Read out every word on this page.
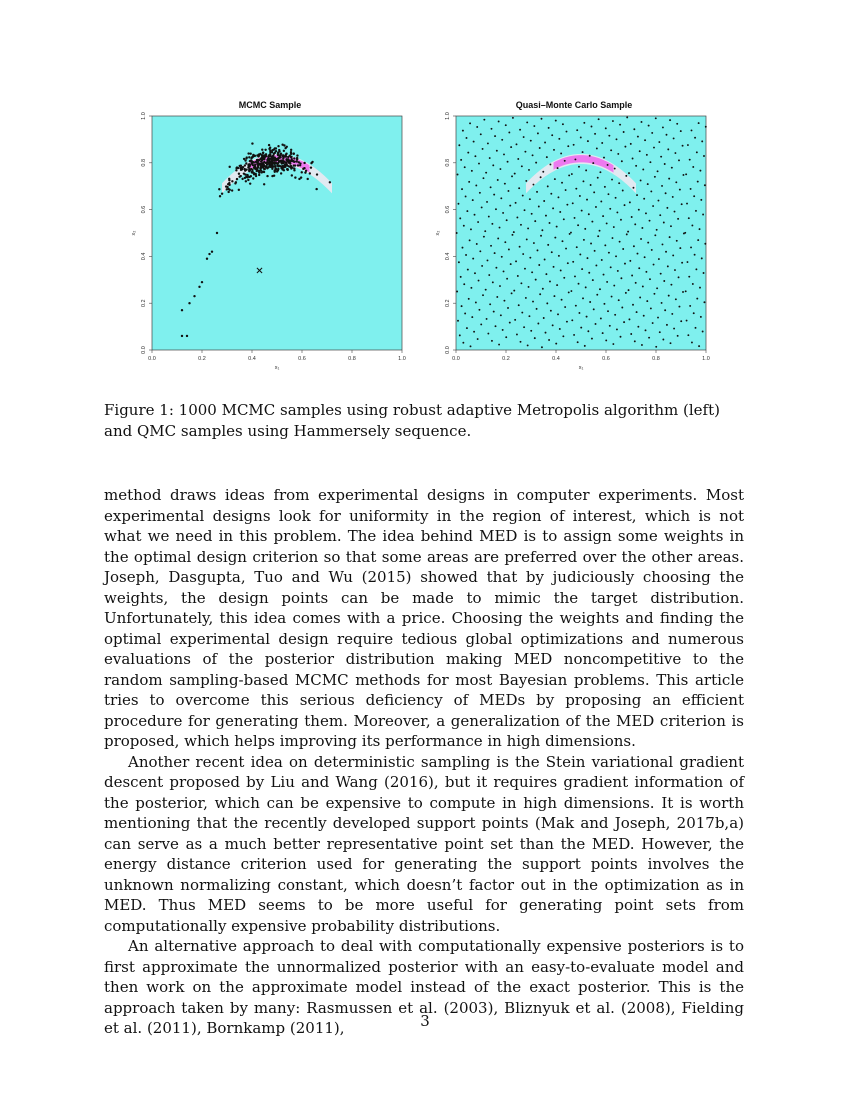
MCMC Sample
0.0	0.2	0.4	0.6	0.8	1.0
0.0
0.2
0.4
0.6
0.8
1.0
x₁
x₂
Quasi–Monte Carlo Sample
0.0	0.2	0.4	0.6	0.8	1.0
0.0
0.2
0.4
0.6
0.8
1.0
x₁
x₂
Figure 1: 1000 MCMC samples using robust adaptive Metropolis algorithm (left) and QMC samples using Hammersely sequence.

method draws ideas from experimental designs in computer experiments. Most experimental designs look for uniformity in the region of interest, which is not what we need in this problem. The idea behind MED is to assign some weights in the optimal design criterion so that some areas are preferred over the other areas. Joseph, Dasgupta, Tuo and Wu (2015) showed that by judiciously choosing the weights, the design points can be made to mimic the target distribution. Unfortunately, this idea comes with a price. Choosing the weights and finding the optimal experimental design require tedious global optimizations and numerous evaluations of the posterior distribution making MED noncompetitive to the random sampling-based MCMC methods for most Bayesian problems. This article tries to overcome this serious deficiency of MEDs by proposing an efficient procedure for generating them. Moreover, a generalization of the MED criterion is proposed, which helps improving its performance in high dimensions.

Another recent idea on deterministic sampling is the Stein variational gradient descent proposed by Liu and Wang (2016), but it requires gradient information of the posterior, which can be expensive to compute in high dimensions. It is worth mentioning that the recently developed support points (Mak and Joseph, 2017b,a) can serve as a much better representative point set than the MED. However, the energy distance criterion used for generating the support points involves the unknown normalizing constant, which doesn’t factor out in the optimization as in MED. Thus MED seems to be more useful for generating point sets from computationally expensive probability distributions.

An alternative approach to deal with computationally expensive posteriors is to first approximate the unnormalized posterior with an easy-to-evaluate model and then work on the approximate model instead of the exact posterior. This is the approach taken by many: Rasmussen et al. (2003), Bliznyuk et al. (2008), Fielding et al. (2011), Bornkamp (2011),	3
